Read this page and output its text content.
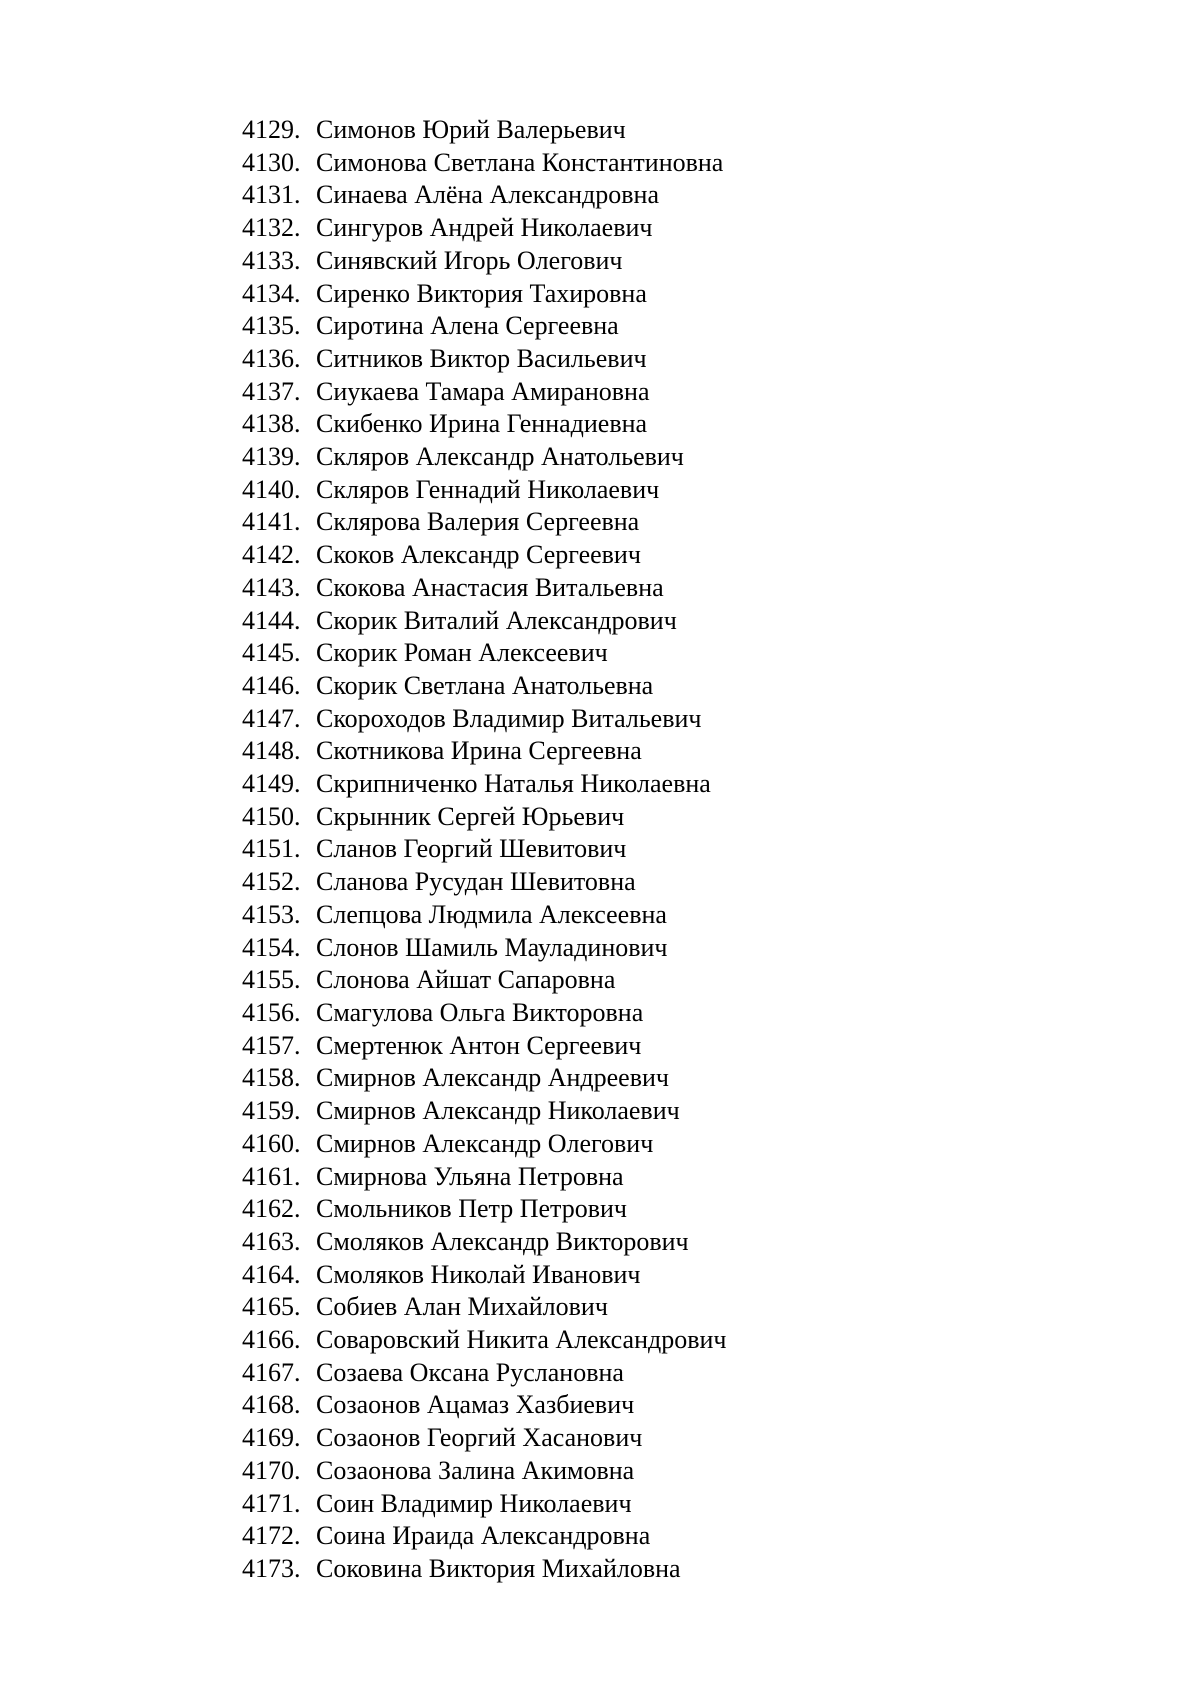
4129. Симонов Юрий Валерьевич
4130. Симонова Светлана Константиновна
4131. Синаева Алёна Александровна
4132. Сингуров Андрей Николаевич
4133. Синявский Игорь Олегович
4134. Сиренко Виктория Тахировна
4135. Сиротина Алена Сергеевна
4136. Ситников Виктор Васильевич
4137. Сиукаева Тамара Амирановна
4138. Скибенко Ирина Геннадиевна
4139. Скляров Александр Анатольевич
4140. Скляров Геннадий Николаевич
4141. Склярова Валерия Сергеевна
4142. Скоков Александр Сергеевич
4143. Скокова Анастасия Витальевна
4144. Скорик Виталий Александрович
4145. Скорик Роман Алексеевич
4146. Скорик Светлана Анатольевна
4147. Скороходов Владимир Витальевич
4148. Скотникова Ирина Сергеевна
4149. Скрипниченко Наталья Николаевна
4150. Скрынник Сергей Юрьевич
4151. Сланов Георгий Шевитович
4152. Сланова Русудан Шевитовна
4153. Слепцова Людмила Алексеевна
4154. Слонов Шамиль Мауладинович
4155. Слонова Айшат Сапаровна
4156. Смагулова Ольга Викторовна
4157. Смертенюк Антон Сергеевич
4158. Смирнов Александр Андреевич
4159. Смирнов Александр Николаевич
4160. Смирнов Александр Олегович
4161. Смирнова Ульяна Петровна
4162. Смольников Петр Петрович
4163. Смоляков Александр Викторович
4164. Смоляков Николай Иванович
4165. Собиев Алан Михайлович
4166. Соваровский Никита Александрович
4167. Созаева Оксана Руслановна
4168. Созаонов Ацамаз Хазбиевич
4169. Созаонов Георгий Хасанович
4170. Созаонова Залина Акимовна
4171. Соин Владимир Николаевич
4172. Соина Ираида Александровна
4173. Соковина Виктория Михайловна
